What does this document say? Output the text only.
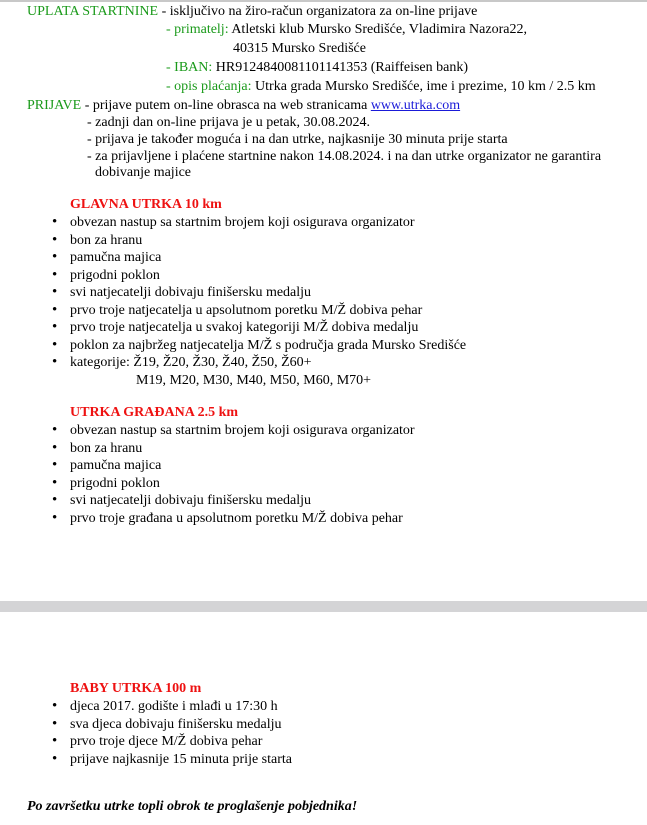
UPLATA STARTNINE - isključivo na žiro-račun organizatora za on-line prijave
- primatelj: Atletski klub Mursko Središće, Vladimira Nazora22,
40315 Mursko Središće
- IBAN: HR9124840081101141353 (Raiffeisen bank)
- opis plaćanja: Utrka grada Mursko Središće, ime i prezime, 10 km / 2.5 km
PRIJAVE - prijave putem on-line obrasca na web stranicama www.utrka.com
- zadnji dan on-line prijava je u petak, 30.08.2024.
- prijava je također moguća i na dan utrke, najkasnije 30 minuta prije starta
- za prijavljene i plaćene startnine nakon 14.08.2024. i na dan utrke organizator ne garantira
dobivanje majice
GLAVNA UTRKA 10 km
• obvezan nastup sa startnim brojem koji osigurava organizator
• bon za hranu
• pamučna majica
• prigodni poklon
• svi natjecatelji dobivaju finišersku medalju
• prvo troje natjecatelja u apsolutnom poretku M/Ž dobiva pehar
• prvo troje natjecatelja u svakoj kategoriji M/Ž dobiva medalju
• poklon za najbržeg natjecatelja M/Ž s područja grada Mursko Središće
• kategorije: Ž19, Ž20, Ž30, Ž40, Ž50, Ž60+
M19, M20, M30, M40, M50, M60, M70+
UTRKA GRAĐANA 2.5 km
• obvezan nastup sa startnim brojem koji osigurava organizator
• bon za hranu
• pamučna majica
• prigodni poklon
• svi natjecatelji dobivaju finišersku medalju
• prvo troje građana u apsolutnom poretku M/Ž dobiva pehar
BABY UTRKA 100 m
• djeca 2017. godište i mlađi u 17:30 h
• sva djeca dobivaju finišersku medalju
• prvo troje djece M/Ž dobiva pehar
• prijave najkasnije 15 minuta prije starta
Po završetku utrke topli obrok te proglašenje pobjednika!
